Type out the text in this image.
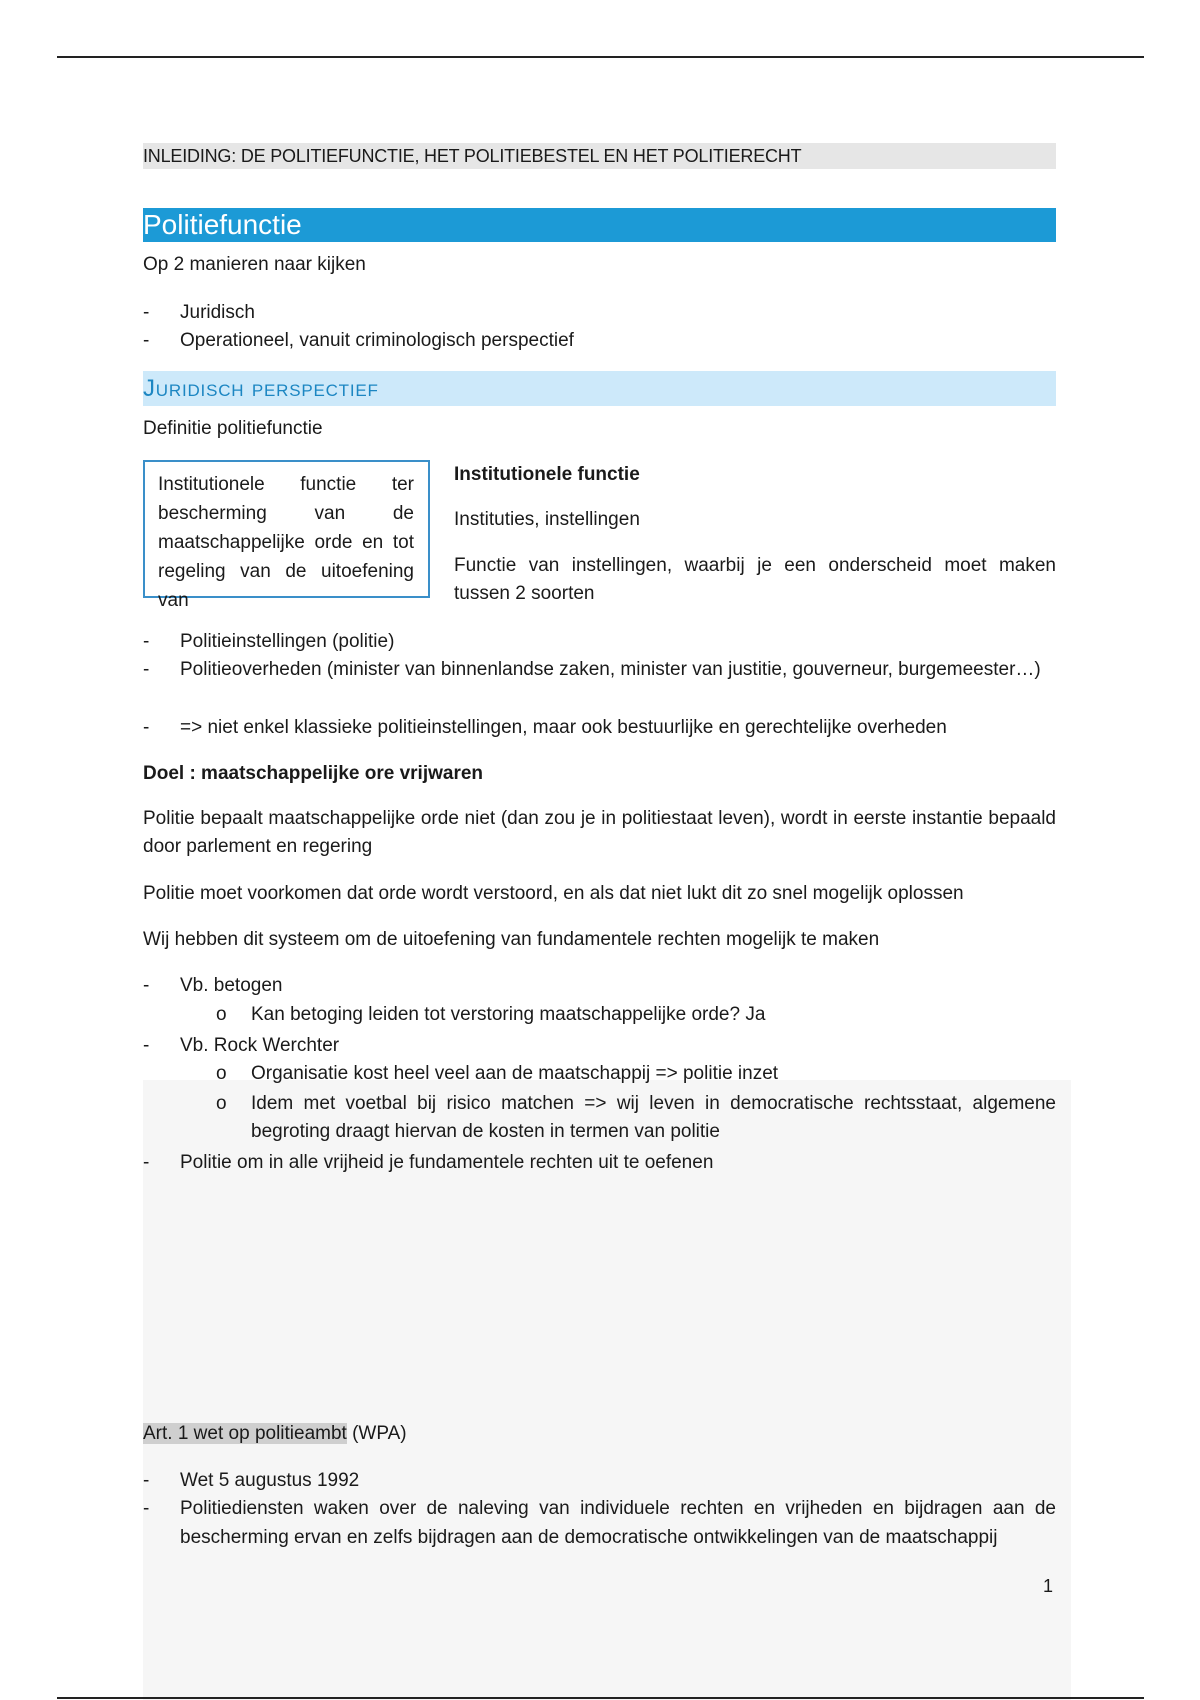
INLEIDING: DE POLITIEFUNCTIE, HET POLITIEBESTEL EN HET POLITIERECHT
Politiefunctie
Op 2 manieren naar kijken
- Juridisch
- Operationeel, vanuit criminologisch perspectief
Juridisch perspectief
Definitie politiefunctie
Institutionele functie ter bescherming van de maatschappelijke orde en tot regeling van de uitoefening van
Institutionele functie
Instituties, instellingen
Functie van instellingen, waarbij je een onderscheid moet maken tussen 2 soorten
- Politieinstellingen (politie)
- Politieoverheden (minister van binnenlandse zaken, minister van justitie, gouverneur, burgemeester…)
- => niet enkel klassieke politieinstellingen, maar ook bestuurlijke en gerechtelijke overheden
Doel : maatschappelijke ore vrijwaren
Politie bepaalt maatschappelijke orde niet (dan zou je in politiestaat leven), wordt in eerste instantie bepaald door parlement en regering
Politie moet voorkomen dat orde wordt verstoord, en als dat niet lukt dit zo snel mogelijk oplossen
Wij hebben dit systeem om de uitoefening van fundamentele rechten mogelijk te maken
- Vb. betogen
o Kan betoging leiden tot verstoring maatschappelijke orde? Ja
- Vb. Rock Werchter
o Organisatie kost heel veel aan de maatschappij => politie inzet
o Idem met voetbal bij risico matchen => wij leven in democratische rechtsstaat, algemene begroting draagt hiervan de kosten in termen van politie
- Politie om in alle vrijheid je fundamentele rechten uit te oefenen
Art. 1 wet op politieambt (WPA)
- Wet 5 augustus 1992
- Politiediensten waken over de naleving van individuele rechten en vrijheden en bijdragen aan de bescherming ervan en zelfs bijdragen aan de democratische ontwikkelingen van de maatschappij
1
